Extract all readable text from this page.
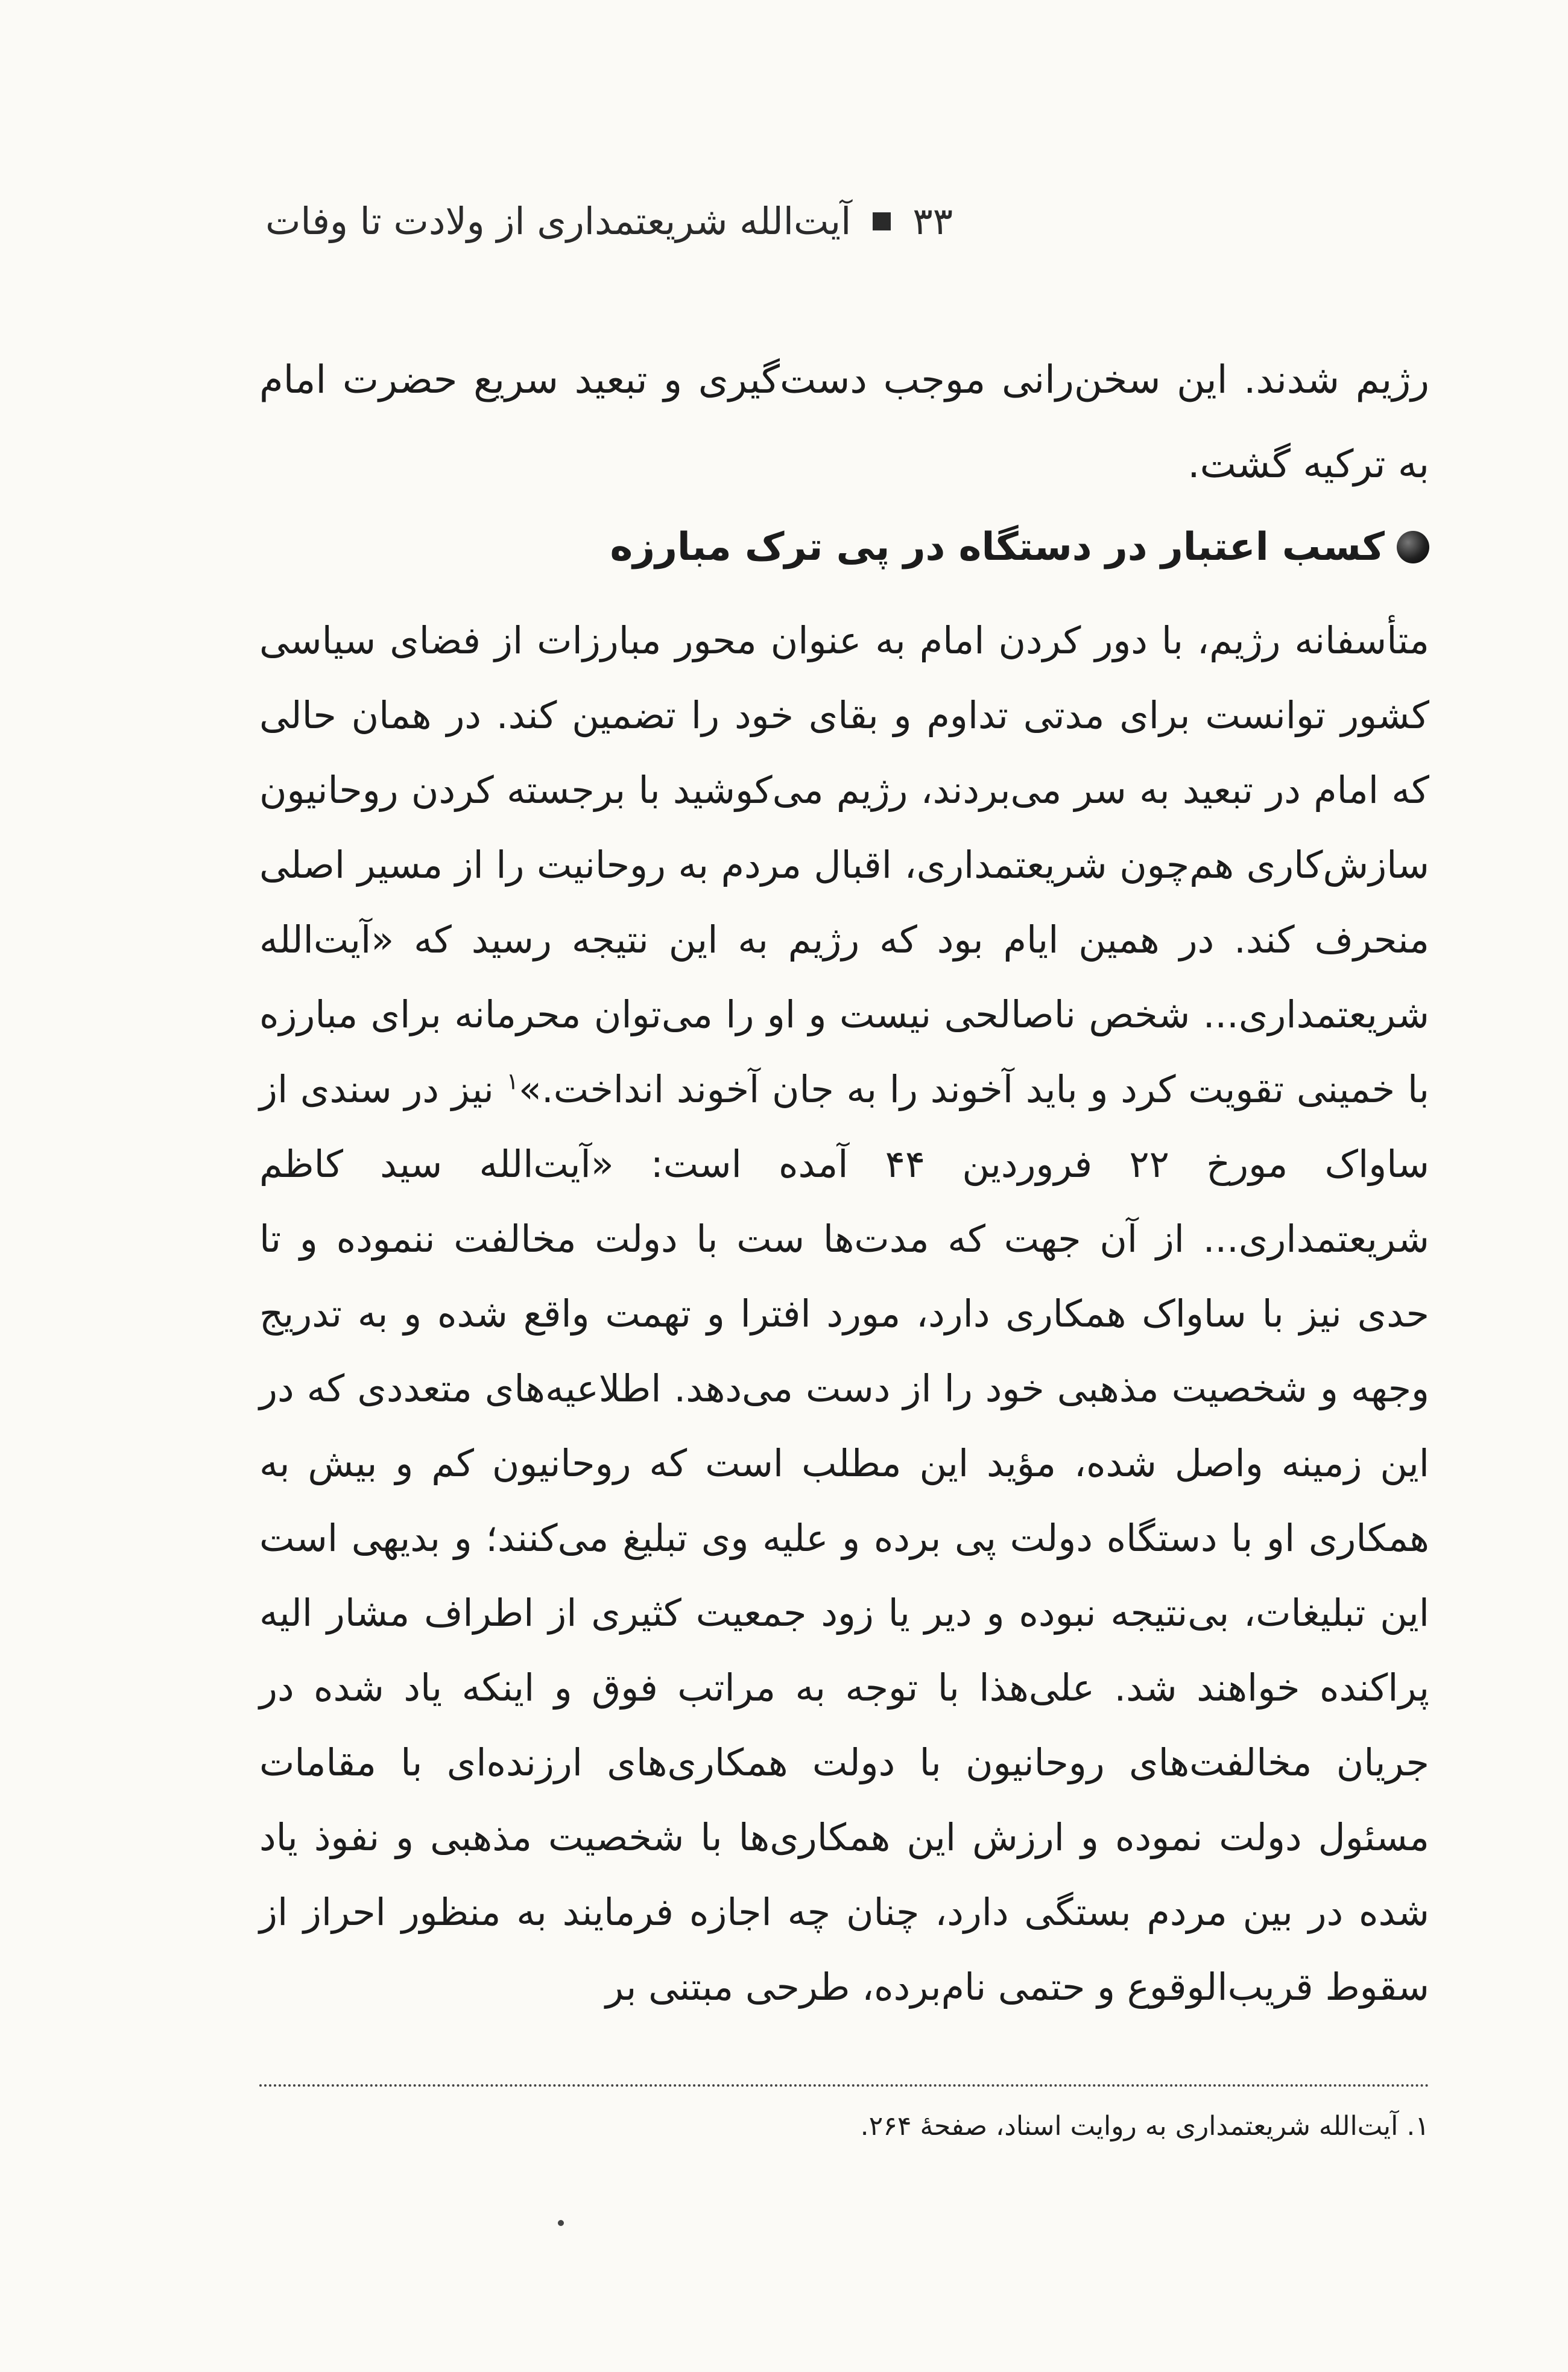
آیت‌الله شریعتمداری از ولادت تا وفات ۳۳

رژیم شدند. این سخن‌رانی موجب دست‌گیری و تبعید سریع حضرت امام به ترکیه گشت.

کسب اعتبار در دستگاه در پی ترک مبارزه

متأسفانه رژیم، با دور کردن امام به عنوان محور مبارزات از فضای سیاسی کشور توانست برای مدتی تداوم و بقای خود را تضمین کند. در همان حالی که امام در تبعید به سر می‌بردند، رژیم می‌کوشید با برجسته کردن روحانیون سازش‌کاری هم‌چون شریعتمداری، اقبال مردم به روحانیت را از مسیر اصلی منحرف کند. در همین ایام بود که رژیم به این نتیجه رسید که «آیت‌الله شریعتمداری... شخص ناصالحی نیست و او را می‌توان محرمانه برای مبارزه با خمینی تقویت کرد و باید آخوند را به جان آخوند انداخت.»$^۱$ نیز در سندی از ساواک مورخ ۲۲ فروردین ۴۴ آمده است: «آیت‌الله سید کاظم شریعتمداری... از آن جهت که مدت‌ها ست با دولت مخالفت ننموده و تا حدی نیز با ساواک همکاری دارد، مورد افترا و تهمت واقع شده و به تدریج وجهه و شخصیت مذهبی خود را از دست می‌دهد. اطلاعیه‌های متعددی که در این زمینه واصل شده، مؤید این مطلب است که روحانیون کم و بیش به همکاری او با دستگاه دولت پی برده و علیه وی تبلیغ می‌کنند؛ و بدیهی است این تبلیغات، بی‌نتیجه نبوده و دیر یا زود جمعیت کثیری از اطراف مشار الیه پراکنده خواهند شد. علی‌هذا با توجه به مراتب فوق و اینکه یاد شده در جریان مخالفت‌های روحانیون با دولت همکاری‌های ارزنده‌ای با مقامات مسئول دولت نموده و ارزش این همکاری‌ها با شخصیت مذهبی و نفوذ یاد شده در بین مردم بستگی دارد، چنان چه اجازه فرمایند به منظور احراز از سقوط قریب‌الوقوع و حتمی نام‌برده، طرحی مبتنی بر

۱. آیت‌الله شریعتمداری به روایت اسناد، صفحهٔ ۲۶۴.
